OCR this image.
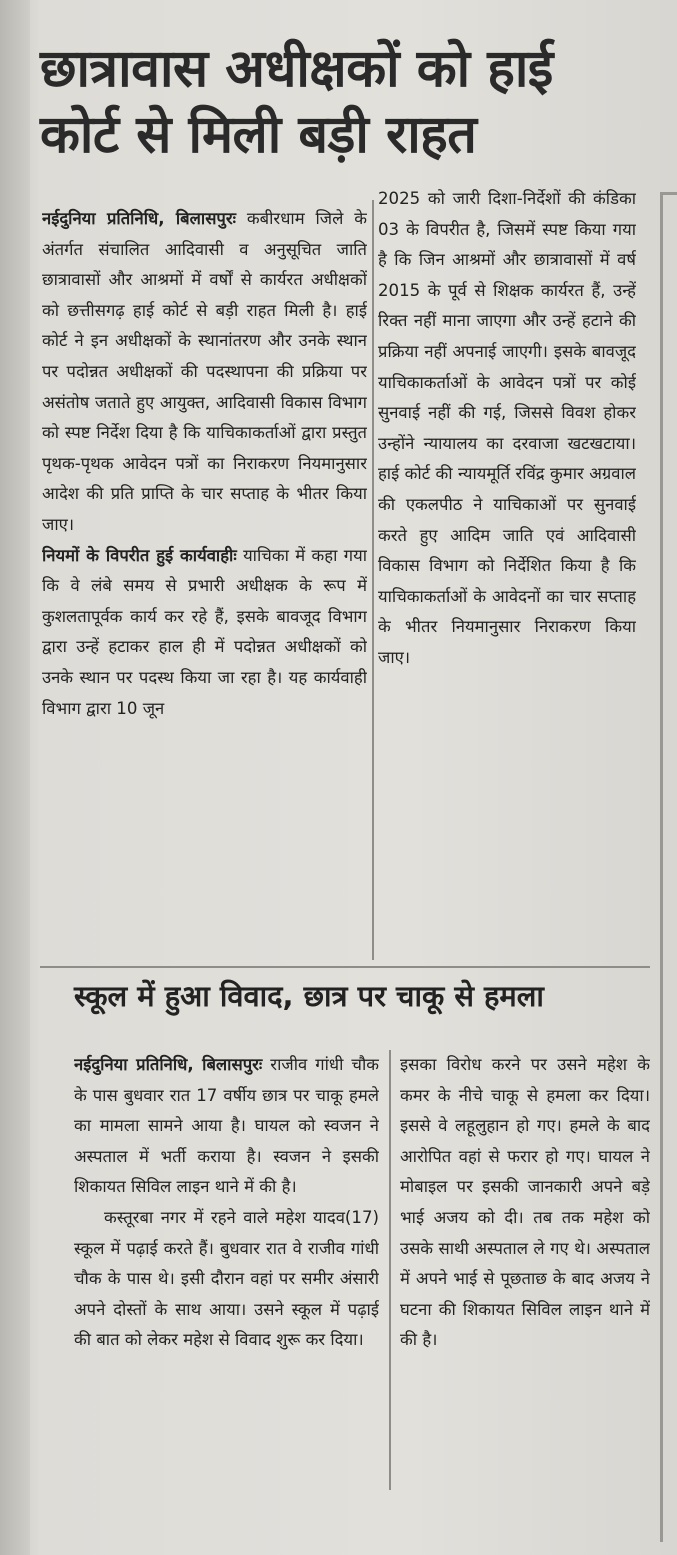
छात्रावास अधीक्षकों को हाई कोर्ट से मिली बड़ी राहत

नईदुनिया प्रतिनिधि, बिलासपुरः कबीरधाम जिले के अंतर्गत संचालित आदिवासी व अनुसूचित जाति छात्रावासों और आश्रमों में वर्षों से कार्यरत अधीक्षकों को छत्तीसगढ़ हाई कोर्ट से बड़ी राहत मिली है। हाई कोर्ट ने इन अधीक्षकों के स्थानांतरण और उनके स्थान पर पदोन्नत अधीक्षकों की पदस्थापना की प्रक्रिया पर असंतोष जताते हुए आयुक्त, आदिवासी विकास विभाग को स्पष्ट निर्देश दिया है कि याचिकाकर्ताओं द्वारा प्रस्तुत पृथक-पृथक आवेदन पत्रों का निराकरण नियमानुसार आदेश की प्रति प्राप्ति के चार सप्ताह के भीतर किया जाए।

नियमों के विपरीत हुई कार्यवाहीः याचिका में कहा गया कि वे लंबे समय से प्रभारी अधीक्षक के रूप में कुशलतापूर्वक कार्य कर रहे हैं, इसके बावजूद विभाग द्वारा उन्हें हटाकर हाल ही में पदोन्नत अधीक्षकों को उनके स्थान पर पदस्थ किया जा रहा है। यह कार्यवाही विभाग द्वारा 10 जून

2025 को जारी दिशा-निर्देशों की कंडिका 03 के विपरीत है, जिसमें स्पष्ट किया गया है कि जिन आश्रमों और छात्रावासों में वर्ष 2015 के पूर्व से शिक्षक कार्यरत हैं, उन्हें रिक्त नहीं माना जाएगा और उन्हें हटाने की प्रक्रिया नहीं अपनाई जाएगी। इसके बावजूद याचिकाकर्ताओं के आवेदन पत्रों पर कोई सुनवाई नहीं की गई, जिससे विवश होकर उन्होंने न्यायालय का दरवाजा खटखटाया। हाई कोर्ट की न्यायमूर्ति रविंद्र कुमार अग्रवाल की एकलपीठ ने याचिकाओं पर सुनवाई करते हुए आदिम जाति एवं आदिवासी विकास विभाग को निर्देशित किया है कि याचिकाकर्ताओं के आवेदनों का चार सप्ताह के भीतर नियमानुसार निराकरण किया जाए।

स्कूल में हुआ विवाद, छात्र पर चाकू से हमला

नईदुनिया प्रतिनिधि, बिलासपुरः राजीव गांधी चौक के पास बुधवार रात 17 वर्षीय छात्र पर चाकू हमले का मामला सामने आया है। घायल को स्वजन ने अस्पताल में भर्ती कराया है। स्वजन ने इसकी शिकायत सिविल लाइन थाने में की है।

कस्तूरबा नगर में रहने वाले महेश यादव(17) स्कूल में पढ़ाई करते हैं। बुधवार रात वे राजीव गांधी चौक के पास थे। इसी दौरान वहां पर समीर अंसारी अपने दोस्तों के साथ आया। उसने स्कूल में पढ़ाई की बात को लेकर महेश से विवाद शुरू कर दिया।

इसका विरोध करने पर उसने महेश के कमर के नीचे चाकू से हमला कर दिया। इससे वे लहूलुहान हो गए। हमले के बाद आरोपित वहां से फरार हो गए। घायल ने मोबाइल पर इसकी जानकारी अपने बड़े भाई अजय को दी। तब तक महेश को उसके साथी अस्पताल ले गए थे। अस्पताल में अपने भाई से पूछताछ के बाद अजय ने घटना की शिकायत सिविल लाइन थाने में की है।
